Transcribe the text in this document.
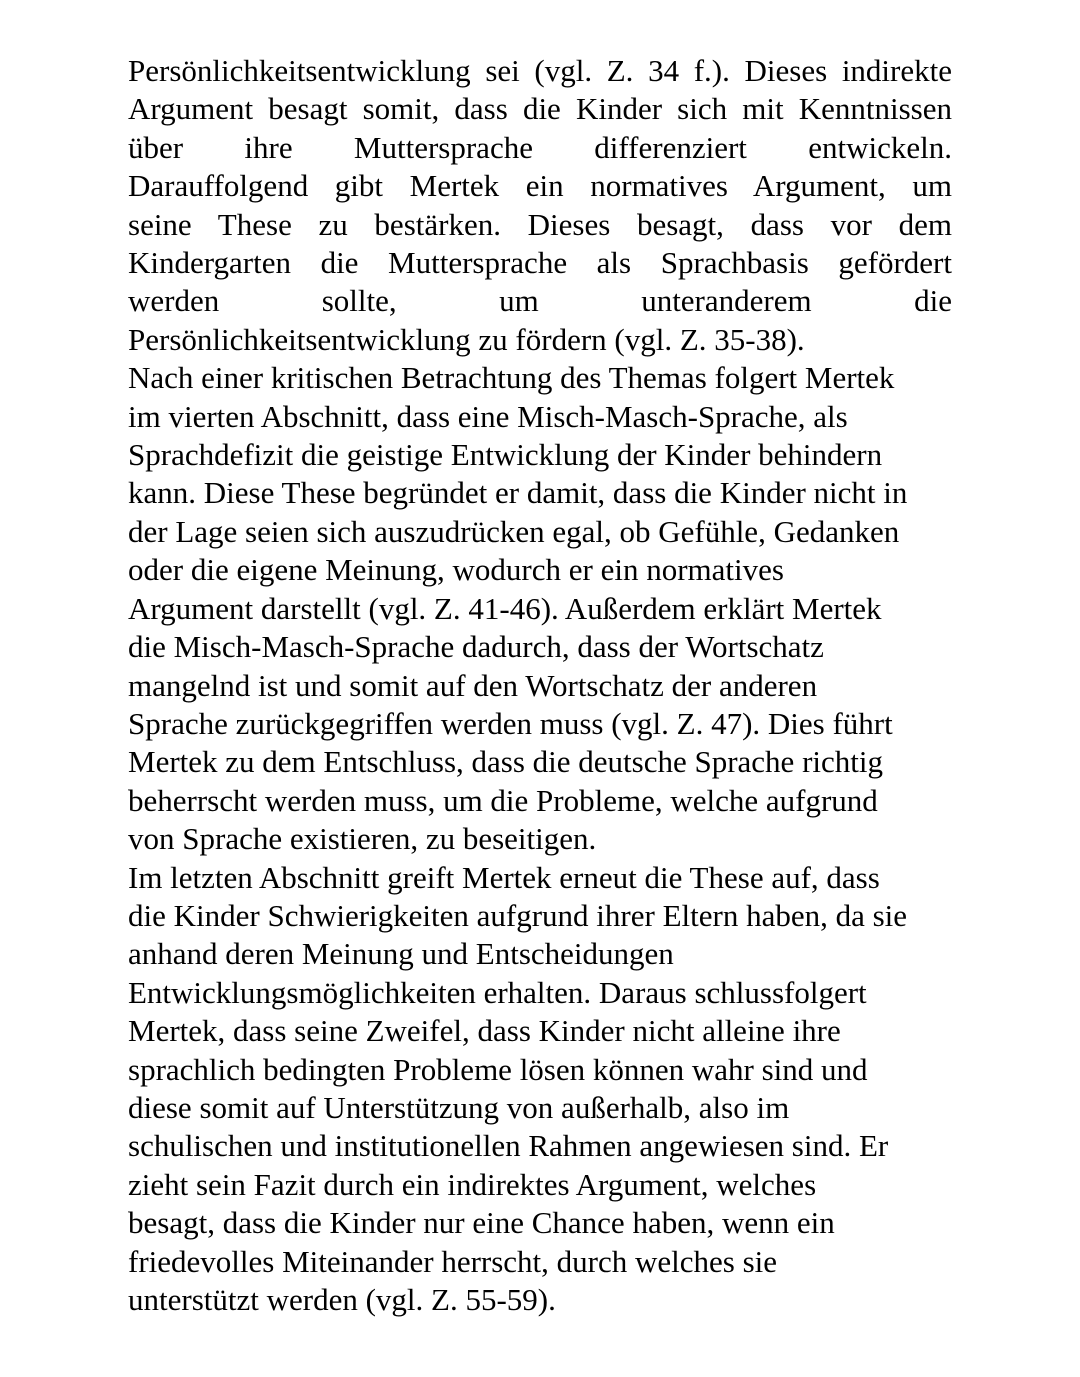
Persönlichkeitsentwicklung sei (vgl. Z. 34 f.). Dieses indirekte
Argument besagt somit, dass die Kinder sich mit Kenntnissen
über ihre Muttersprache differenziert entwickeln.
Darauffolgend gibt Mertek ein normatives Argument, um
seine These zu bestärken. Dieses besagt, dass vor dem
Kindergarten die Muttersprache als Sprachbasis gefördert
werden	sollte,	um	unteranderem	die
Persönlichkeitsentwicklung zu fördern (vgl. Z. 35-38).

Nach einer kritischen Betrachtung des Themas folgert Mertek
im vierten Abschnitt, dass eine Misch-Masch-Sprache, als
Sprachdefizit die geistige Entwicklung der Kinder behindern
kann. Diese These begründet er damit, dass die Kinder nicht in
der Lage seien sich auszudrücken egal, ob Gefühle, Gedanken
oder die eigene Meinung, wodurch er ein normatives
Argument darstellt (vgl. Z. 41-46). Außerdem erklärt Mertek
die Misch-Masch-Sprache dadurch, dass der Wortschatz
mangelnd ist und somit auf den Wortschatz der anderen
Sprache zurückgegriffen werden muss (vgl. Z. 47). Dies führt
Mertek zu dem Entschluss, dass die deutsche Sprache richtig
beherrscht werden muss, um die Probleme, welche aufgrund
von Sprache existieren, zu beseitigen.

Im letzten Abschnitt greift Mertek erneut die These auf, dass
die Kinder Schwierigkeiten aufgrund ihrer Eltern haben, da sie
anhand deren Meinung und Entscheidungen
Entwicklungsmöglichkeiten erhalten. Daraus schlussfolgert
Mertek, dass seine Zweifel, dass Kinder nicht alleine ihre
sprachlich bedingten Probleme lösen können wahr sind und
diese somit auf Unterstützung von außerhalb, also im
schulischen und institutionellen Rahmen angewiesen sind. Er
zieht sein Fazit durch ein indirektes Argument, welches
besagt, dass die Kinder nur eine Chance haben, wenn ein
friedevolles Miteinander herrscht, durch welches sie
unterstützt werden (vgl. Z. 55-59).
